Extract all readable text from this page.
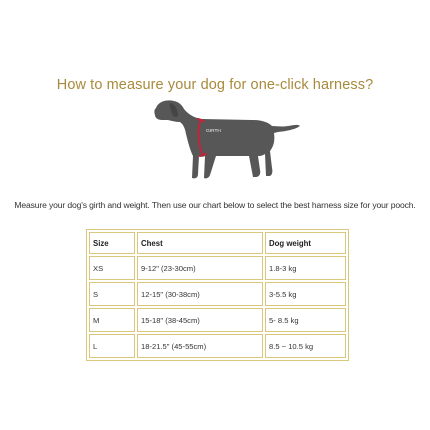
How to measure your dog for one-click harness?
GIRTH
Measure your dog's girth and weight. Then use our chart below to select the best harness size for your pooch.
Size	Chest	Dog weight
XS	9-12" (23-30cm)	1.8-3 kg
S	12-15" (30-38cm)	3-5.5 kg
M	15-18" (38-45cm)	5- 8.5 kg
L	18-21.5" (45-55cm)	8.5 ~ 10.5 kg
